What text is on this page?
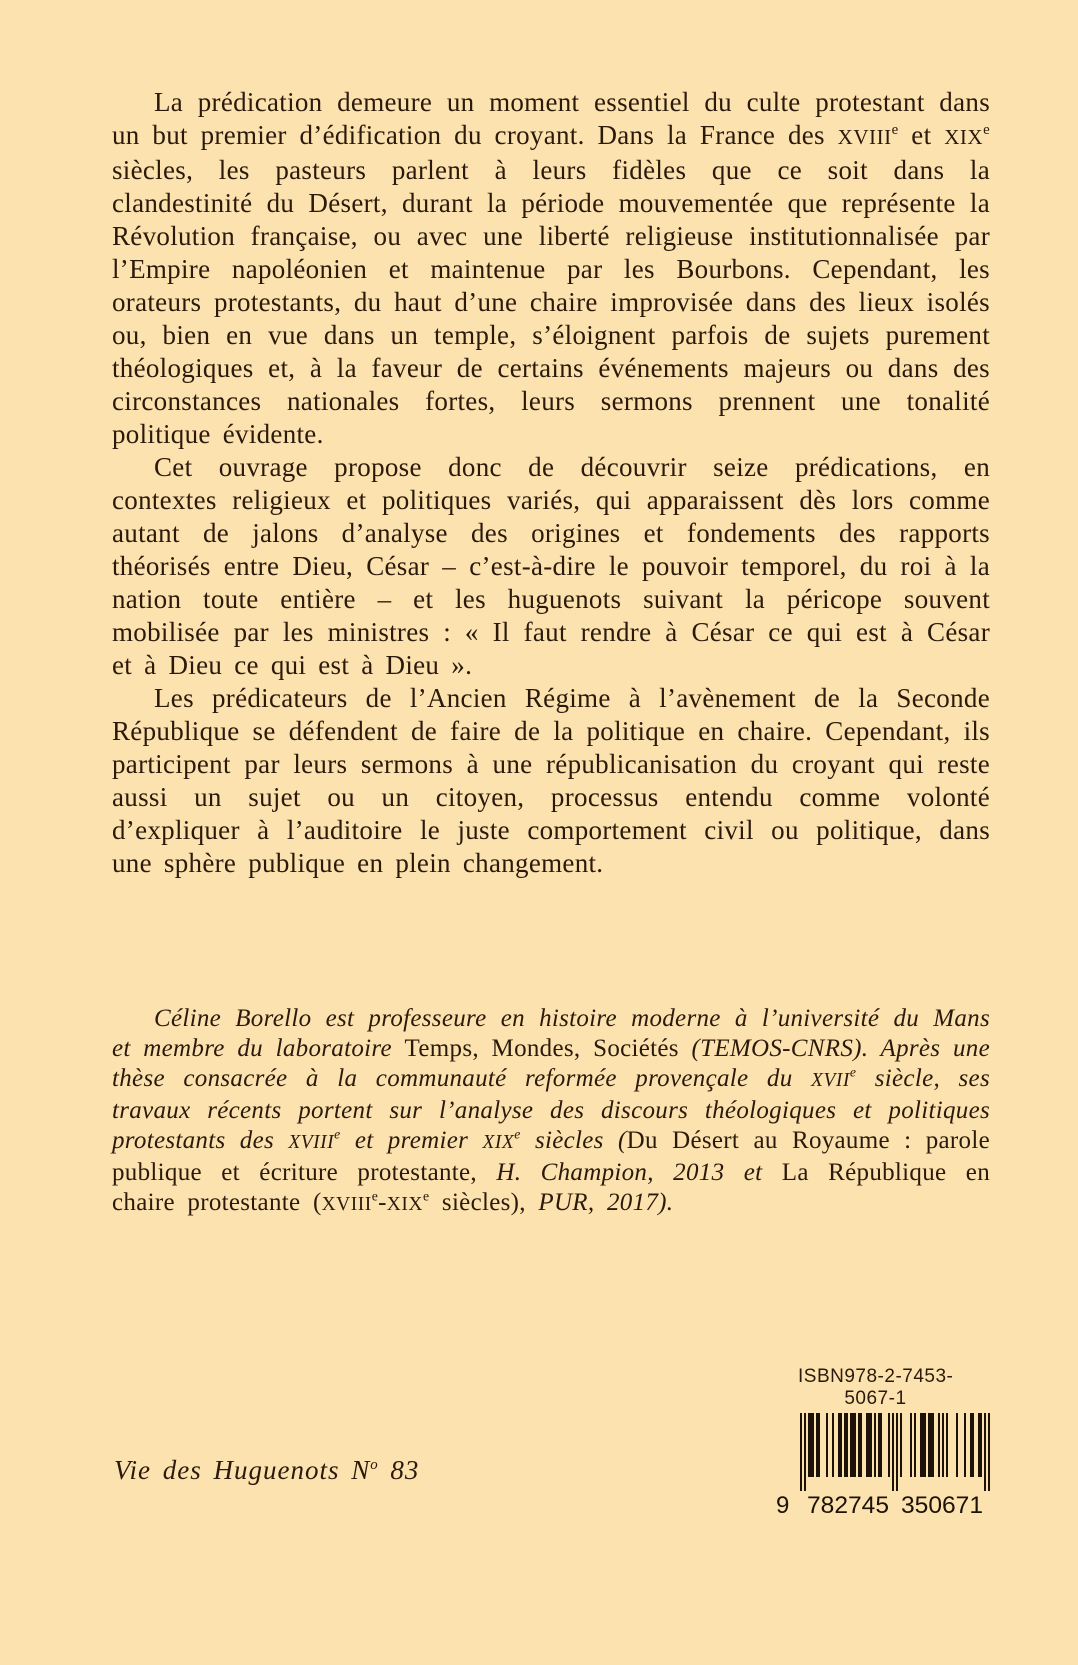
La prédication demeure un moment essentiel du culte protestant dans un but premier d’édification du croyant. Dans la France des XVIIIe et XIXe siècles, les pasteurs parlent à leurs fidèles que ce soit dans la clandestinité du Désert, durant la période mouvementée que représente la Révolution française, ou avec une liberté religieuse institutionnalisée par l’Empire napoléonien et maintenue par les Bourbons. Cependant, les orateurs protestants, du haut d’une chaire improvisée dans des lieux isolés ou, bien en vue dans un temple, s’éloignent parfois de sujets purement théologiques et, à la faveur de certains événements majeurs ou dans des circonstances nationales fortes, leurs sermons prennent une tonalité politique évidente.

Cet ouvrage propose donc de découvrir seize prédications, en contextes religieux et politiques variés, qui apparaissent dès lors comme autant de jalons d’analyse des origines et fondements des rapports théorisés entre Dieu, César – c’est-à-dire le pouvoir temporel, du roi à la nation toute entière – et les huguenots suivant la péricope souvent mobilisée par les ministres : « Il faut rendre à César ce qui est à César et à Dieu ce qui est à Dieu ».

Les prédicateurs de l’Ancien Régime à l’avènement de la Seconde République se défendent de faire de la politique en chaire. Cependant, ils participent par leurs sermons à une républicanisation du croyant qui reste aussi un sujet ou un citoyen, processus entendu comme volonté d’expliquer à l’auditoire le juste comportement civil ou politique, dans une sphère publique en plein changement.

Céline Borello est professeure en histoire moderne à l’université du Mans et membre du laboratoire Temps, Mondes, Sociétés (TEMOS-CNRS). Après une thèse consacrée à la communauté reformée provençale du XVIIe siècle, ses travaux récents portent sur l’analyse des discours théologiques et politiques protestants des XVIIIe et premier XIXe siècles (Du Désert au Royaume : parole publique et écriture protestante, H. Champion, 2013 et La République en chaire protestante (XVIIIe-XIXe siècles), PUR, 2017).

Vie des Huguenots $N^o$ 83
ISBN 978-2-7453-5067-1
9 782745 350671
